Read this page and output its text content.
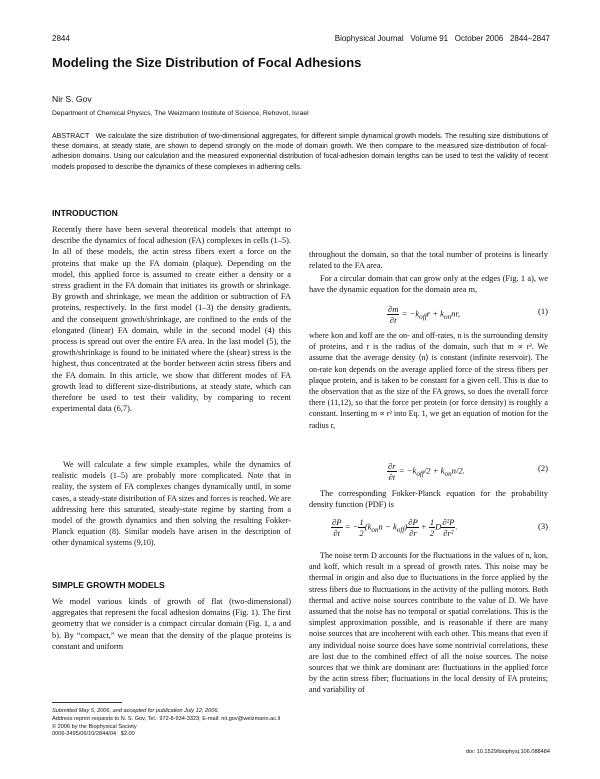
2844	Biophysical Journal   Volume 91   October 2006   2844–2847
Modeling the Size Distribution of Focal Adhesions
Nir S. Gov
Department of Chemical Physics, The Weizmann Institute of Science, Rehovot, Israel
ABSTRACT We calculate the size distribution of two-dimensional aggregates, for different simple dynamical growth models. The resulting size distributions of these domains, at steady state, are shown to depend strongly on the mode of domain growth. We then compare to the measured size-distribution of focal-adhesion domains. Using our calculation and the measured exponential distribution of focal-adhesion domain lengths can be used to test the validity of recent models proposed to describe the dynamics of these complexes in adhering cells.
INTRODUCTION

Recently there have been several theoretical models that attempt to describe the dynamics of focal adhesion (FA) complexes in cells (1–5). In all of these models, the actin stress fibers exert a force on the proteins that make up the FA domain (plaque). Depending on the model, this applied force is assumed to create either a density or a stress gradient in the FA domain that initiates its growth or shrinkage. By growth and shrinkage, we mean the addition or subtraction of FA proteins, respectively. In the first model (1–3) the density gradients, and the consequent growth/shrinkage, are confined to the ends of the elongated (linear) FA domain, while in the second model (4) this process is spread out over the entire FA area. In the last model (5), the growth/shrinkage is found to be initiated where the (shear) stress is the highest, thus concentrated at the border between actin stress fibers and the FA domain. In this article, we show that different modes of FA growth lead to different size-distributions, at steady state, which can therefore be used to test their validity, by comparing to recent experimental data (6,7).

We will calculate a few simple examples, while the dynamics of realistic models (1–5) are probably more complicated. Note that in reality, the system of FA complexes changes dynamically until, in some cases, a steady-state distribution of FA sizes and forces is reached. We are addressing here this saturated, steady-state regime by starting from a model of the growth dynamics and then solving the resulting Fokker-Planck equation (8). Similar models have arisen in the description of other dynamical systems (9,10).

SIMPLE GROWTH MODELS

We model various kinds of growth of flat (two-dimensional) aggregates that represent the focal adhesion domains (Fig. 1). The first geometry that we consider is a compact circular domain (Fig. 1, a and b). By “compact,” we mean that the density of the plaque proteins is constant and uniform

throughout the domain, so that the total number of proteins is linearly related to the FA area.

For a circular domain that can grow only at the edges (Fig. 1 a), we have the dynamic equation for the domain area m,

$\frac{\partial m}{\partial t} = -k_{off}r + k_{on}nr$,	(1)

where kon and koff are the on- and off-rates, n is the surrounding density of proteins, and r is the radius of the domain, such that m ∝ r². We assume that the average density ⟨n⟩ is constant (infinite reservoir). The on-rate kon depends on the average applied force of the stress fibers per plaque protein, and is taken to be constant for a given cell. This is due to the observation that as the size of the FA grows, so does the overall force there (11,12), so that the force per protein (or force density) is roughly a constant. Inserting m ∝ r² into Eq. 1, we get an equation of motion for the radius r,

$\frac{\partial r}{\partial t} = -k_{off}/2 + k_{on}n/2$.	(2)

The corresponding Fokker-Planck equation for the probability density function (PDF) is

$\frac{\partial P}{\partial t}$ = − $\frac{1}{2} (k_{on}n - k_{off}) \frac{\partial P}{\partial r} + \frac{1}{2}$ D $\frac{\text{∂²P}}{\text{∂r²}}$ .	(3)

The noise term D accounts for the fluctuations in the values of n, kon, and koff, which result in a spread of growth rates. This noise may be thermal in origin and also due to fluctuations in the force applied by the stress fibers due to fluctuations in the activity of the pulling motors. Both thermal and active noise sources contribute to the value of D. We have assumed that the noise has no temporal or spatial correlations. This is the simplest approximation possible, and is reasonable if there are many noise sources that are incoherent with each other. This means that even if any individual noise source does have some nontrivial correlations, these are lost due to the combined effect of all the noise sources. The noise sources that we think are dominant are: fluctuations in the applied force by the actin stress fiber; fluctuations in the local density of FA proteins; and variability of

Submitted May 5, 2006, and accepted for publication July 12, 2006.
Address reprint requests to N. S. Gov, Tel.: 972-8-934-3323; E-mail: nir.gov@weizmann.ac.il
© 2006 by the Biophysical Society
0006-3495/06/10/2844/04   $2.00
doi: 10.1529/biophysj.106.088484
